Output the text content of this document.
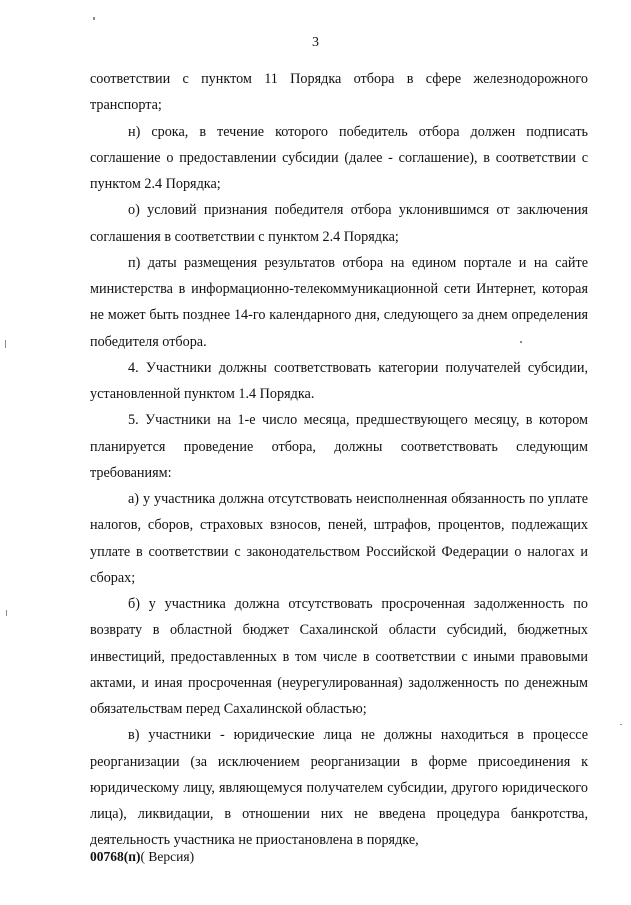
3

соответствии с пунктом 11 Порядка отбора в сфере железнодорожного транспорта;

н) срока, в течение которого победитель отбора должен подписать соглашение о предоставлении субсидии (далее - соглашение), в соответствии с пунктом 2.4 Порядка;

о) условий признания победителя отбора уклонившимся от заключения соглашения в соответствии с пунктом 2.4 Порядка;

п) даты размещения результатов отбора на едином портале и на сайте министерства в информационно-телекоммуникационной сети Интернет, которая не может быть позднее 14-го календарного дня, следующего за днем определения победителя отбора.

4. Участники должны соответствовать категории получателей субсидии, установленной пунктом 1.4 Порядка.

5. Участники на 1-е число месяца, предшествующего месяцу, в котором планируется проведение отбора, должны соответствовать следующим требованиям:

а) у участника должна отсутствовать неисполненная обязанность по уплате налогов, сборов, страховых взносов, пеней, штрафов, процентов, подлежащих уплате в соответствии с законодательством Российской Федерации о налогах и сборах;

б) у участника должна отсутствовать просроченная задолженность по возврату в областной бюджет Сахалинской области субсидий, бюджетных инвестиций, предоставленных в том числе в соответствии с иными правовыми актами, и иная просроченная (неурегулированная) задолженность по денежным обязательствам перед Сахалинской областью;

в) участники - юридические лица не должны находиться в процессе реорганизации (за исключением реорганизации в форме присоединения к юридическому лицу, являющемуся получателем субсидии, другого юридического лица), ликвидации, в отношении них не введена процедура банкротства, деятельность участника не приостановлена в порядке,

00768(п)( Версия)
